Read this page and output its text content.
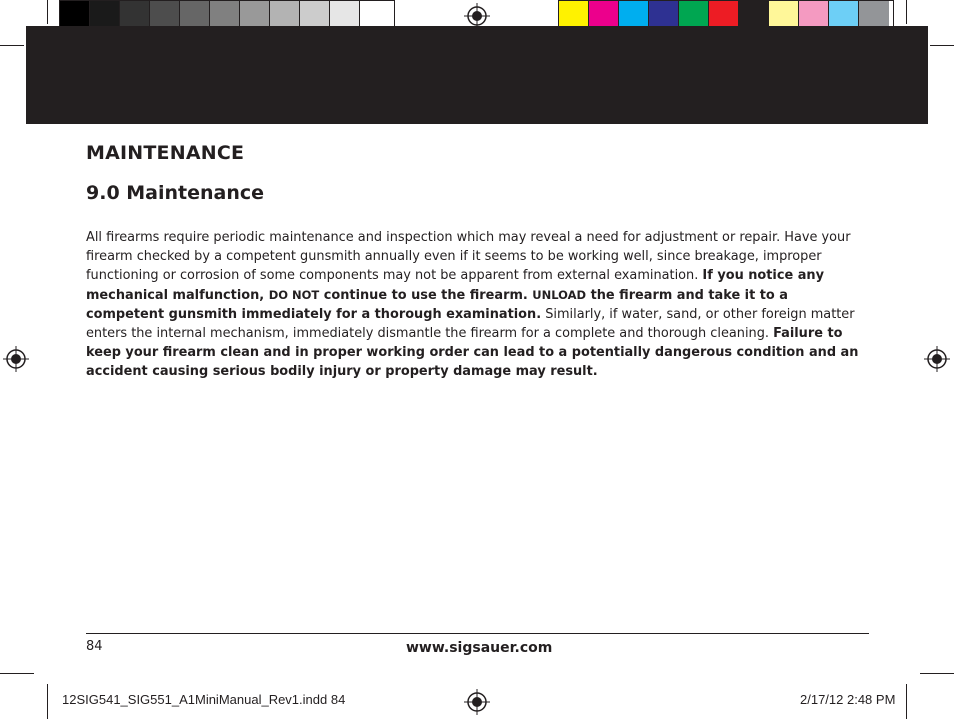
MAINTENANCE
9.0 Maintenance
All firearms require periodic maintenance and inspection which may reveal a need for adjustment or repair. Have your firearm checked by a competent gunsmith annually even if it seems to be working well, since breakage, improper functioning or corrosion of some components may not be apparent from external examination. If you notice any mechanical malfunction, DO NOT continue to use the firearm. UNLOAD the firearm and take it to a competent gunsmith immediately for a thorough examination. Similarly, if water, sand, or other foreign matter enters the internal mechanism, immediately dismantle the firearm for a complete and thorough cleaning. Failure to keep your firearm clean and in proper working order can lead to a potentially dangerous condition and an accident causing serious bodily injury or property damage may result.
84	www.sigsauer.com
12SIG541_SIG551_A1MiniManual_Rev1.indd 84	2/17/12 2:48 PM
